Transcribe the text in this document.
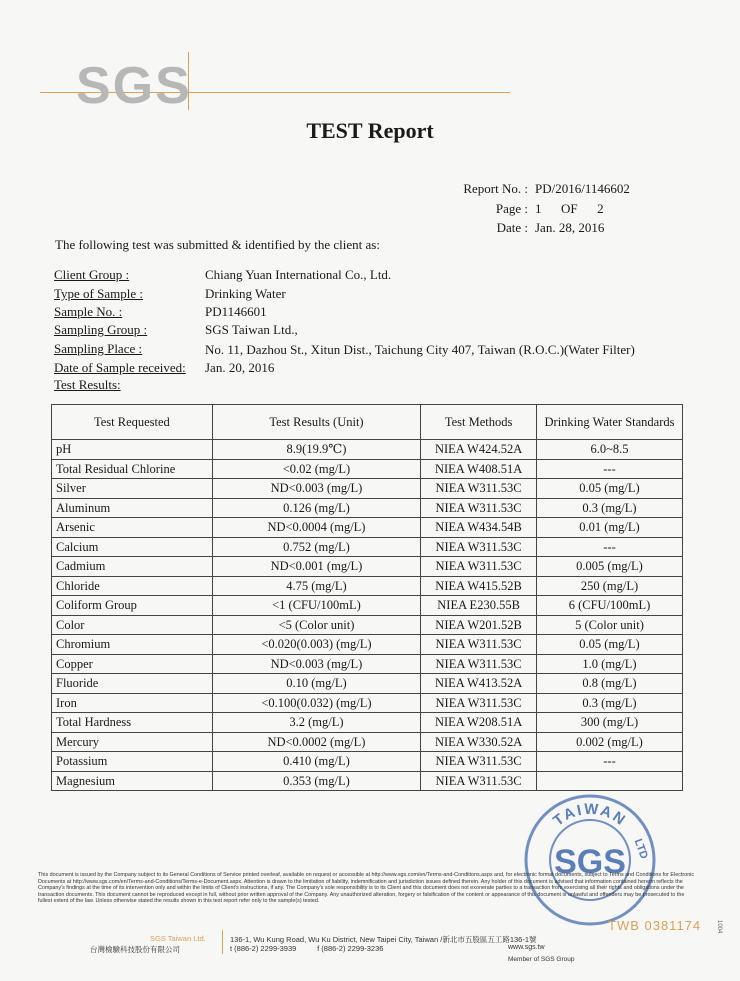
SGS
TEST Report
Report No. : PD/2016/1146602
Page : 1      OF      2
Date : Jan. 28, 2016
The following test was submitted & identified by the client as:
Client Group :	Chiang Yuan International Co., Ltd.
Type of Sample :	Drinking Water
Sample No. :	PD1146601
Sampling Group :	SGS Taiwan Ltd.,
Sampling Place :	No. 11, Dazhou St., Xitun Dist., Taichung City 407, Taiwan (R.O.C.)(Water Filter)
Date of Sample received: Jan. 20, 2016
Test Results:
Test Requested	Test Results (Unit)	Test Methods	Drinking Water Standards
pH	8.9(19.9℃)	NIEA W424.52A	6.0~8.5
Total Residual Chlorine	<0.02 (mg/L)	NIEA W408.51A	---
Silver	ND<0.003 (mg/L)	NIEA W311.53C	0.05 (mg/L)
Aluminum	0.126 (mg/L)	NIEA W311.53C	0.3 (mg/L)
Arsenic	ND<0.0004 (mg/L)	NIEA W434.54B	0.01 (mg/L)
Calcium	0.752 (mg/L)	NIEA W311.53C	---
Cadmium	ND<0.001 (mg/L)	NIEA W311.53C	0.005 (mg/L)
Chloride	4.75 (mg/L)	NIEA W415.52B	250 (mg/L)
Coliform Group	<1 (CFU/100mL)	NIEA E230.55B	6 (CFU/100mL)
Color	<5 (Color unit)	NIEA W201.52B	5 (Color unit)
Chromium	<0.020(0.003) (mg/L)	NIEA W311.53C	0.05 (mg/L)
Copper	ND<0.003 (mg/L)	NIEA W311.53C	1.0 (mg/L)
Fluoride	0.10 (mg/L)	NIEA W413.52A	0.8 (mg/L)
Iron	<0.100(0.032) (mg/L)	NIEA W311.53C	0.3 (mg/L)
Total Hardness	3.2 (mg/L)	NIEA W208.51A	300 (mg/L)
Mercury	ND<0.0002 (mg/L)	NIEA W330.52A	0.002 (mg/L)
Potassium	0.410 (mg/L)	NIEA W311.53C	---
Magnesium	0.353 (mg/L)	NIEA W311.53C	
TAIWAN
SGS LTD
This document is issued by the Company subject to its General Conditions of Service printed overleaf, available on request or accessible at http://www.sgs.com/en/Terms-and-Conditions.aspx and, for electronic format documents, subject to Terms and Conditions for Electronic Documents at http://www.sgs.com/en/Terms-and-Conditions/Terms-e-Document.aspx. Attention is drawn to the limitation of liability, indemnification and jurisdiction issues defined therein. Any holder of this document is advised that information contained hereon reflects the Company's findings at the time of its intervention only and within the limits of Client's instructions, if any. The Company's sole responsibility is to its Client and this document does not exonerate parties to a transaction from exercising all their rights and obligations under the transaction documents. This document cannot be reproduced except in full, without prior written approval of the Company. Any unauthorized alteration, forgery or falsification of the content or appearance of this document is unlawful and offenders may be prosecuted to the fullest extent of the law. Unless otherwise stated the results shown in this test report refer only to the sample(s) tested.
TWB 0381174
SGS Taiwan Ltd.
台灣檢驗科技股份有限公司
136-1, Wu Kung Road, Wu Ku District, New Taipei City, Taiwan /新北市五股區五工路136-1號
t (886-2) 2299-3939          f (886-2) 2299-3236	www.sgs.tw
Member of SGS Group
1004
